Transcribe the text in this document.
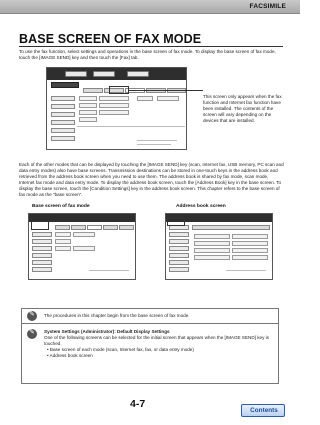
FACSIMILE
BASE SCREEN OF FAX MODE
To use the fax function, select settings and operations in the base screen of fax mode. To display the base screen of fax mode, touch the [IMAGE SEND] key and then touch the [Fax] tab.
This screen only appears when the fax function and Internet fax function have been installed. The contents of the screen will vary depending on the devices that are installed.
Each of the other modes that can be displayed by touching the [IMAGE SEND] key (scan, Internet fax, USB memory, PC scan and data entry modes) also have base screens. Transmission destinations can be stored in one-touch keys in the address book and retrieved from the address book screen when you need to use them. The address book is shared by fax mode, scan mode, Internet fax mode and data entry mode. To display the address book screen, touch the [Address Book] key in the base screen. To display the base screen, touch the [Condition Settings] key in the address book screen. This chapter refers to the base screen of fax mode as the "base screen".
Base screen of fax mode	Address book screen
✎
The procedures in this chapter begin from the base screen of fax mode.
✎
System Settings (Administrator): Default Display Settings
One of the following screens can be selected for the initial screen that appears when the [IMAGE SEND] key is touched.
• Base screen of each mode (scan, Internet fax, fax, or data entry mode)
• Address book screen
4-7
Contents
